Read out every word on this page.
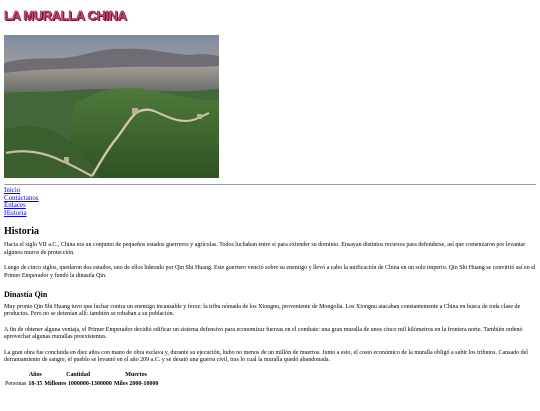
LA MURALLA CHINA
Inicio
Contáctanos
Enlaces
Historia
Historia

Hacia el siglo VII a.C., China era un conjunto de pequeños estados guerreros y agrícolas. Todos luchaban entre sí para extender su dominio. Ensayan distintos recursos para defenderse, así que comenzaron por levantar algunos muros de protección.

Luego de cinco siglos, quedaron dos estados, uno de ellos liderado por Qin Shi Huang. Este guerrero venció sobre su enemigo y llevó a cabo la unificación de China en un solo imperio. Qin Shi Huang se convirtió así en el Primer Emperador y fundó la dinastía Qin.

Dinastía Qin

Muy pronto Qin Shi Huang tuvo que luchar contra un enemigo incansable y feroz: la tribu nómada de los Xiongnu, proveniente de Mongolia. Los Xiongnu atacaban constantemente a China en busca de toda clase de productos. Pero no se detenían allí: también se robaban a su población.

A fin de obtener alguna ventaja, el Primer Emperador decidió edificar un sistema defensivo para economizar fuerzas en el combate: una gran muralla de unos cinco mil kilómetros en la frontera norte. También ordenó aprovechar algunas murallas preexistentes.

La gran obra fue concluida en diez años con mano de obra esclava y, durante su ejecución, hubo no menos de un millón de muertos. Junto a esto, el costo económico de la muralla obligó a subir los tributos. Cansado del derramamiento de sangre, el pueblo se levantó en el año 209 a.C. y se desató una guerra civil, tras lo cual la muralla quedó abandonada.

	Años	Cantidad	Muertos
Personas	18-35	Millones 1000000-1300000	Miles 2000-10000
